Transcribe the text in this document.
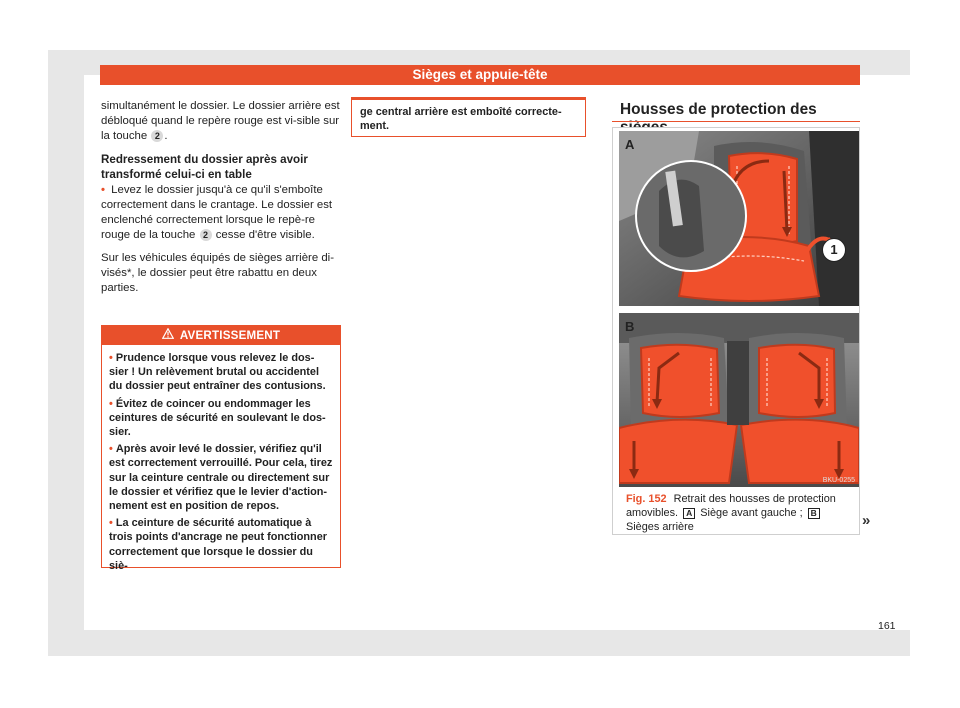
Sièges et appuie-tête

simultanément le dossier. Le dossier arrière est débloqué quand le repère rouge est vi-sible sur la touche 2 .

Redressement du dossier après avoir transformé celui-ci en table

• Levez le dossier jusqu'à ce qu'il s'emboîte correctement dans le crantage. Le dossier est enclenché correctement lorsque le repè-re rouge de la touche 2 cesse d'être visible.

Sur les véhicules équipés de sièges arrière di-visés*, le dossier peut être rabattu en deux parties.

AVERTISSEMENT

• Prudence lorsque vous relevez le dos-sier ! Un relèvement brutal ou accidentel du dossier peut entraîner des contusions.

• Évitez de coincer ou endommager les ceintures de sécurité en soulevant le dos-sier.

• Après avoir levé le dossier, vérifiez qu'il est correctement verrouillé. Pour cela, tirez sur la ceinture centrale ou directement sur le dossier et vérifiez que le levier d'action-nement est en position de repos.

• La ceinture de sécurité automatique à trois points d'ancrage ne peut fonctionner correctement que lorsque le dossier du siè-

ge central arrière est emboîté correcte-ment.
Housses de protection des
A
1
B
BKU-0255
Fig. 152 Retrait des housses de protection amovibles. A Siège avant gauche ; B Sièges arrière	»
161
